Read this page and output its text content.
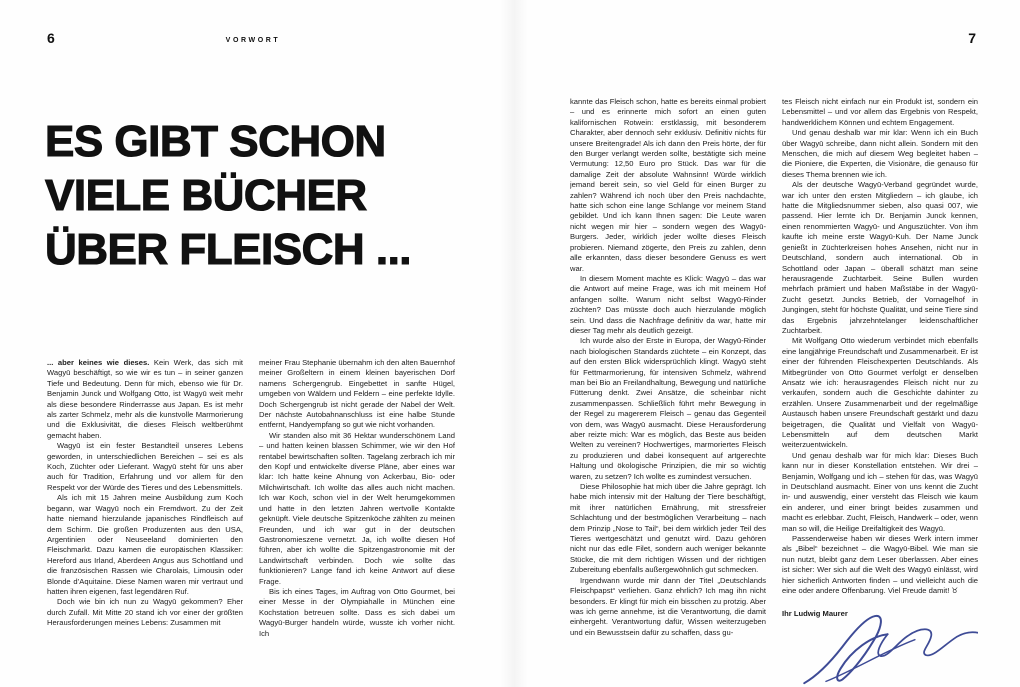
6	VORWORT	7
ES GIBT SCHON
VIELE BÜCHER
ÜBER FLEISCH ...

... aber keines wie dieses. Kein Werk, das sich mit Wagyū beschäftigt, so wie wir es tun – in seiner ganzen Tiefe und Bedeutung. Denn für mich, ebenso wie für Dr. Benjamin Junck und Wolfgang Otto, ist Wagyū weit mehr als diese besondere Rinderrasse aus Japan. Es ist mehr als zarter Schmelz, mehr als die kunstvolle Marmorierung und die Exklusivität, die dieses Fleisch weltberühmt gemacht haben.

Wagyū ist ein fester Bestandteil unseres Lebens geworden, in unterschiedlichen Bereichen – sei es als Koch, Züchter oder Lieferant. Wagyū steht für uns aber auch für Tradition, Erfahrung und vor allem für den Respekt vor der Würde des Tieres und des Lebensmittels.

Als ich mit 15 Jahren meine Ausbildung zum Koch begann, war Wagyū noch ein Fremdwort. Zu der Zeit hatte niemand hierzulande japanisches Rindfleisch auf dem Schirm. Die großen Produzenten aus den USA, Argentinien oder Neuseeland dominierten den Fleischmarkt. Dazu kamen die europäischen Klassiker: Hereford aus Irland, Aberdeen Angus aus Schottland und die französischen Rassen wie Charolais, Limousin oder Blonde d’Aquitaine. Diese Namen waren mir vertraut und hatten ihren eigenen, fast legendären Ruf.

Doch wie bin ich nun zu Wagyū gekommen? Eher durch Zufall. Mit Mitte 20 stand ich vor einer der größten Herausforderungen meines Lebens: Zusammen mit

meiner Frau Stephanie übernahm ich den alten Bauernhof meiner Großeltern in einem kleinen bayerischen Dorf namens Schergengrub. Eingebettet in sanfte Hügel, umgeben von Wäldern und Feldern – eine perfekte Idylle. Doch Schergengrub ist nicht gerade der Nabel der Welt. Der nächste Autobahnanschluss ist eine halbe Stunde entfernt, Handyempfang so gut wie nicht vorhanden.

Wir standen also mit 36 Hektar wunderschönem Land – und hatten keinen blassen Schimmer, wie wir den Hof rentabel bewirtschaften sollten. Tagelang zerbrach ich mir den Kopf und entwickelte diverse Pläne, aber eines war klar: Ich hatte keine Ahnung von Ackerbau, Bio- oder Milchwirtschaft. Ich wollte das alles auch nicht machen. Ich war Koch, schon viel in der Welt herumgekommen und hatte in den letzten Jahren wertvolle Kontakte geknüpft. Viele deutsche Spitzenköche zählten zu meinen Freunden, und ich war gut in der deutschen Gastronomieszene vernetzt. Ja, ich wollte diesen Hof führen, aber ich wollte die Spitzengastronomie mit der Landwirtschaft verbinden. Doch wie sollte das funktionieren? Lange fand ich keine Antwort auf diese Frage.

Bis ich eines Tages, im Auftrag von Otto Gourmet, bei einer Messe in der Olympiahalle in München eine Kochstation betreuen sollte. Dass es sich dabei um Wagyū-Burger handeln würde, wusste ich vorher nicht. Ich

kannte das Fleisch schon, hatte es bereits einmal probiert – und es erinnerte mich sofort an einen guten kalifornischen Rotwein: erstklassig, mit besonderem Charakter, aber dennoch sehr exklusiv. Definitiv nichts für unsere Breitengrade! Als ich dann den Preis hörte, der für den Burger verlangt werden sollte, bestätigte sich meine Vermutung: 12,50 Euro pro Stück. Das war für die damalige Zeit der absolute Wahnsinn! Würde wirklich jemand bereit sein, so viel Geld für einen Burger zu zahlen? Während ich noch über den Preis nachdachte, hatte sich schon eine lange Schlange vor meinem Stand gebildet. Und ich kann Ihnen sagen: Die Leute waren nicht wegen mir hier – sondern wegen des Wagyū-Burgers. Jeder, wirklich jeder wollte dieses Fleisch probieren. Niemand zögerte, den Preis zu zahlen, denn alle erkannten, dass dieser besondere Genuss es wert war.

In diesem Moment machte es Klick: Wagyū – das war die Antwort auf meine Frage, was ich mit meinem Hof anfangen sollte. Warum nicht selbst Wagyū-Rinder züchten? Das müsste doch auch hierzulande möglich sein. Und dass die Nachfrage definitiv da war, hatte mir dieser Tag mehr als deutlich gezeigt.

Ich wurde also der Erste in Europa, der Wagyū-Rinder nach biologischen Standards züchtete – ein Konzept, das auf den ersten Blick widersprüchlich klingt. Wagyū steht für Fettmarmorierung, für intensiven Schmelz, während man bei Bio an Freilandhaltung, Bewegung und natürliche Fütterung denkt. Zwei Ansätze, die scheinbar nicht zusammenpassen. Schließlich führt mehr Bewegung in der Regel zu magererem Fleisch – genau das Gegenteil von dem, was Wagyū ausmacht. Diese Herausforderung aber reizte mich: War es möglich, das Beste aus beiden Welten zu vereinen? Hochwertiges, marmoriertes Fleisch zu produzieren und dabei konsequent auf artgerechte Haltung und ökologische Prinzipien, die mir so wichtig waren, zu setzen? Ich wollte es zumindest versuchen.

Diese Philosophie hat mich über die Jahre geprägt. Ich habe mich intensiv mit der Haltung der Tiere beschäftigt, mit ihrer natürlichen Ernährung, mit stressfreier Schlachtung und der bestmöglichen Verarbeitung – nach dem Prinzip „Nose to Tail“, bei dem wirklich jeder Teil des Tieres wertgeschätzt und genutzt wird. Dazu gehören nicht nur das edle Filet, sondern auch weniger bekannte Stücke, die mit dem richtigen Wissen und der richtigen Zubereitung ebenfalls außergewöhnlich gut schmecken.

Irgendwann wurde mir dann der Titel „Deutschlands Fleischpapst“ verliehen. Ganz ehrlich? Ich mag ihn nicht besonders. Er klingt für mich ein bisschen zu protzig. Aber was ich gerne annehme, ist die Verantwortung, die damit einhergeht. Verantwortung dafür, Wissen weiterzugeben und ein Bewusstsein dafür zu schaffen, dass gu-

tes Fleisch nicht einfach nur ein Produkt ist, sondern ein Lebensmittel – und vor allem das Ergebnis von Respekt, handwerklichem Können und echtem Engagement.

Und genau deshalb war mir klar: Wenn ich ein Buch über Wagyū schreibe, dann nicht allein. Sondern mit den Menschen, die mich auf diesem Weg begleitet haben – die Pioniere, die Experten, die Visionäre, die genauso für dieses Thema brennen wie ich.

Als der deutsche Wagyū-Verband gegründet wurde, war ich unter den ersten Mitgliedern – ich glaube, ich hatte die Mitgliedsnummer sieben, also quasi 007, wie passend. Hier lernte ich Dr. Benjamin Junck kennen, einen renommierten Wagyū- und Anguszüchter. Von ihm kaufte ich meine erste Wagyū-Kuh. Der Name Junck genießt in Züchterkreisen hohes Ansehen, nicht nur in Deutschland, sondern auch international. Ob in Schottland oder Japan – überall schätzt man seine herausragende Zuchtarbeit. Seine Bullen wurden mehrfach prämiert und haben Maßstäbe in der Wagyū-Zucht gesetzt. Juncks Betrieb, der Vornagelhof in Jungingen, steht für höchste Qualität, und seine Tiere sind das Ergebnis jahrzehntelanger leidenschaftlicher Zuchtarbeit.

Mit Wolfgang Otto wiederum verbindet mich ebenfalls eine langjährige Freundschaft und Zusammenarbeit. Er ist einer der führenden Fleischexperten Deutschlands. Als Mitbegründer von Otto Gourmet verfolgt er denselben Ansatz wie ich: herausragendes Fleisch nicht nur zu verkaufen, sondern auch die Geschichte dahinter zu erzählen. Unsere Zusammenarbeit und der regelmäßige Austausch haben unsere Freundschaft gestärkt und dazu beigetragen, die Qualität und Vielfalt von Wagyū-Lebensmitteln auf dem deutschen Markt weiterzuentwickeln.

Und genau deshalb war für mich klar: Dieses Buch kann nur in dieser Konstellation entstehen. Wir drei – Benjamin, Wolfgang und ich – stehen für das, was Wagyū in Deutschland ausmacht. Einer von uns kennt die Zucht in- und auswendig, einer versteht das Fleisch wie kaum ein anderer, und einer bringt beides zusammen und macht es erlebbar. Zucht, Fleisch, Handwerk – oder, wenn man so will, die Heilige Dreifaltigkeit des Wagyū.

Passenderweise haben wir dieses Werk intern immer als „Bibel“ bezeichnet – die Wagyū-Bibel. Wie man sie nun nutzt, bleibt ganz dem Leser überlassen. Aber eines ist sicher: Wer sich auf die Welt des Wagyū einlässt, wird hier sicherlich Antworten finden – und vielleicht auch die eine oder andere Offenbarung. Viel Freude damit! ♉

Ihr Ludwig Maurer
